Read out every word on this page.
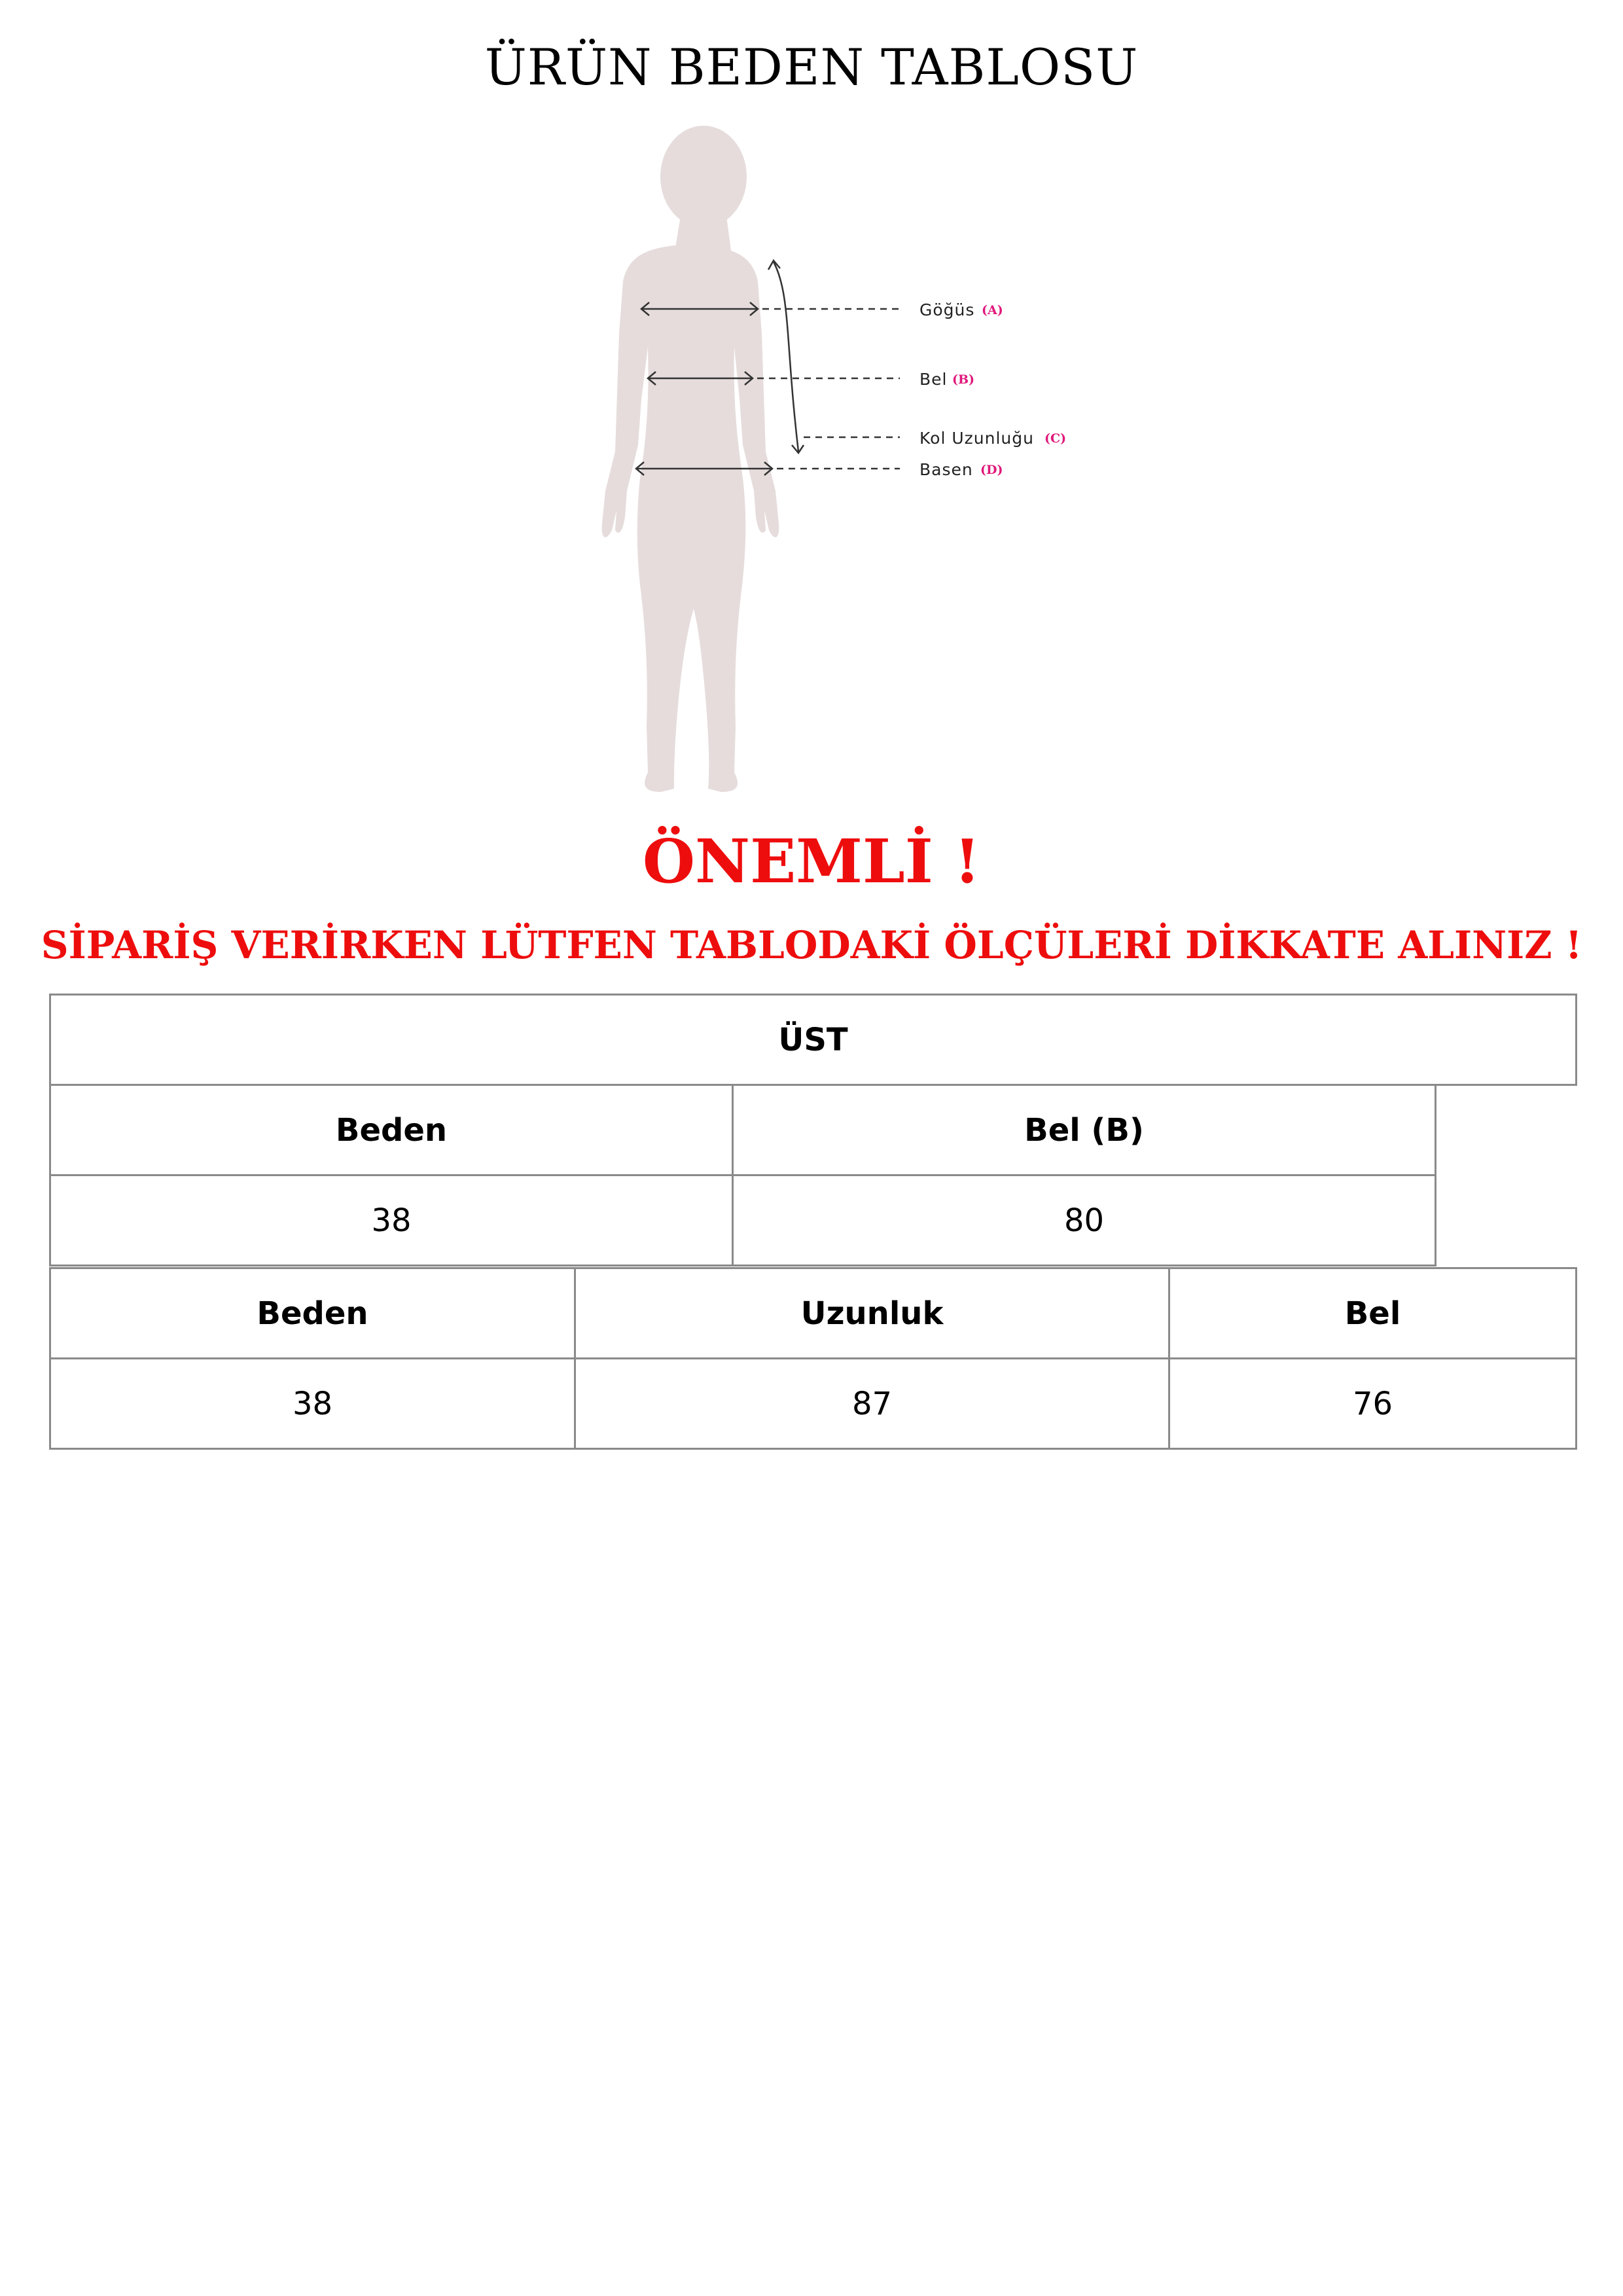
ÜRÜN BEDEN TABLOSU
Göğüs (A)
Bel (B)
Kol Uzunluğu (C)
Basen (D)
ÖNEMLİ !
SİPARİŞ VERİRKEN LÜTFEN TABLODAKİ ÖLÇÜLERİ DİKKATE ALINIZ !
ÜST		
Beden	Bel (B)	
38	80	
Beden	Uzunluk	Bel
38	87	76
